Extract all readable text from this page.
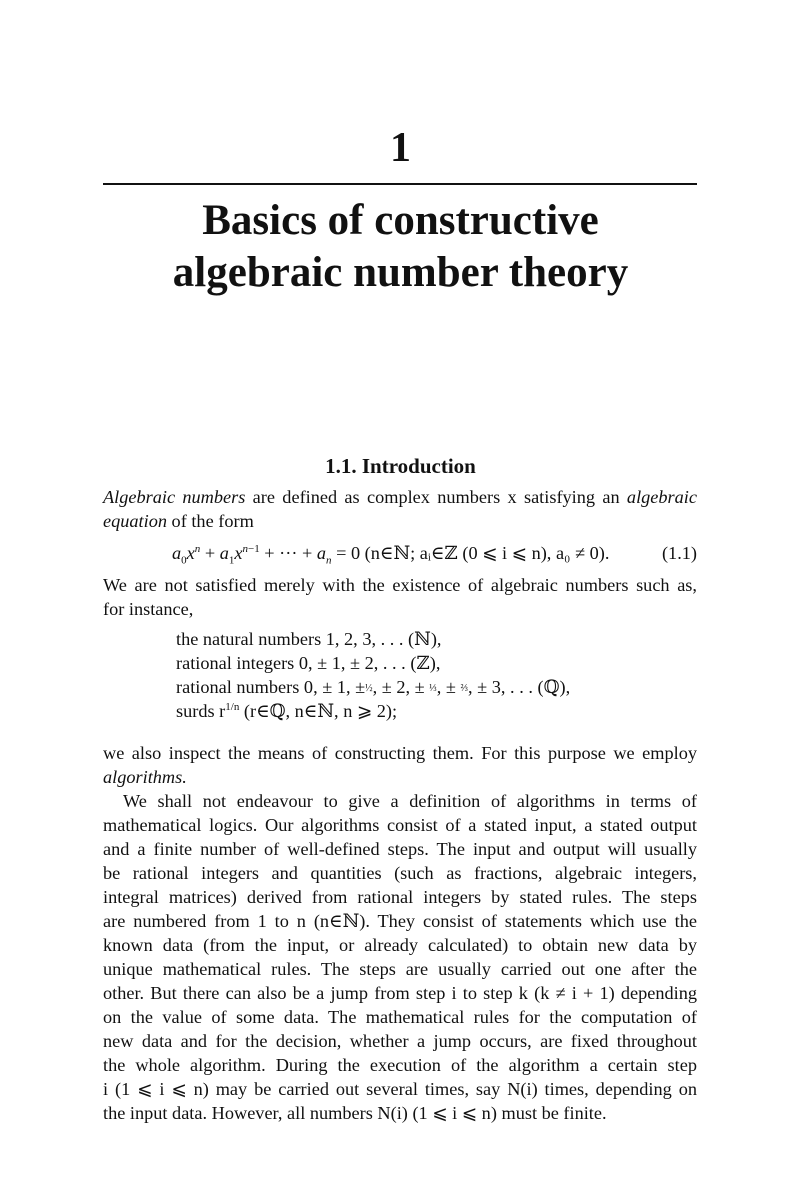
1
Basics of constructive
algebraic number theory
1.1. Introduction
Algebraic numbers are defined as complex numbers x satisfying an algebraic
equation of the form
$a_0x^n + a_1x^{n-1}$ + ··· + $a_n = 0$ (n∈ℕ; aᵢ∈ℤ (0 ⩽ i ⩽ n), a₀ ≠ 0).	(1.1)
We are not satisfied merely with the existence of algebraic numbers such as,
for instance,
the natural numbers 1, 2, 3, . . . (ℕ),
rational integers 0, ± 1, ± 2, . . . (ℤ),
rational numbers 0, ± 1, ±½, ± 2, ± ⅓, ± ⅔, ± 3, . . . (ℚ),
surds $r^{1/n}$ (r∈ℚ, n∈ℕ, n ⩾ 2);
we also inspect the means of constructing them. For this purpose we employ
algorithms.
We shall not endeavour to give a definition of algorithms in terms of
mathematical logics. Our algorithms consist of a stated input, a stated output
and a finite number of well-defined steps. The input and output will usually
be rational integers and quantities (such as fractions, algebraic integers,
integral matrices) derived from rational integers by stated rules. The steps
are numbered from 1 to n (n∈ℕ). They consist of statements which use the
known data (from the input, or already calculated) to obtain new data by
unique mathematical rules. The steps are usually carried out one after the
other. But there can also be a jump from step i to step k (k ≠ i + 1) depending
on the value of some data. The mathematical rules for the computation of
new data and for the decision, whether a jump occurs, are fixed throughout
the whole algorithm. During the execution of the algorithm a certain step
i (1 ⩽ i ⩽ n) may be carried out several times, say N(i) times, depending on
the input data. However, all numbers N(i) (1 ⩽ i ⩽ n) must be finite.
